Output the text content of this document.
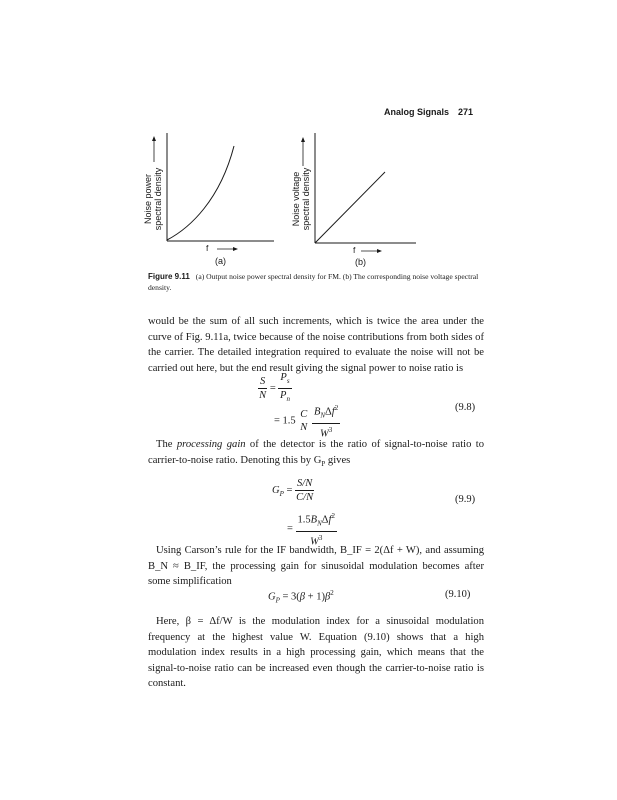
Analog Signals 271
Noise power spectral density
f
(a)
Noise voltage spectral density
f
(b)
Figure 9.11 (a) Output noise power spectral density for FM. (b) The corresponding noise voltage spectral density.
would be the sum of all such increments, which is twice the area under the curve of Fig. 9.11a, twice because of the noise contributions from both sides of the carrier. The detailed integration required to evaluate the noise will not be carried out here, but the end result giving the signal power to noise ratio is
$\frac{S}{N} = \frac{P_s}{P_n}$
= 1.5
C
N
$\frac{B_N\Delta f^2}{W^3}$	(9.8)
The processing gain of the detector is the ratio of signal-to-noise ratio to carrier-to-noise ratio. Denoting this by $G_P$ gives
$G_P = \frac{S/N}{C/N}$
= $\frac{1.5B_N\Delta f^2}{W^3}$
(9.9)
Using Carson’s rule for the IF bandwidth, B_IF = 2(Δf + W), and assuming B_N ≈ B_IF, the processing gain for sinusoidal modulation becomes after some simplification
$G_P = 3(\beta + 1)\beta^2$	(9.10)
Here, β = Δf/W is the modulation index for a sinusoidal modulation frequency at the highest value W. Equation (9.10) shows that a high modulation index results in a high processing gain, which means that the signal-to-noise ratio can be increased even though the carrier-to-noise ratio is constant.
